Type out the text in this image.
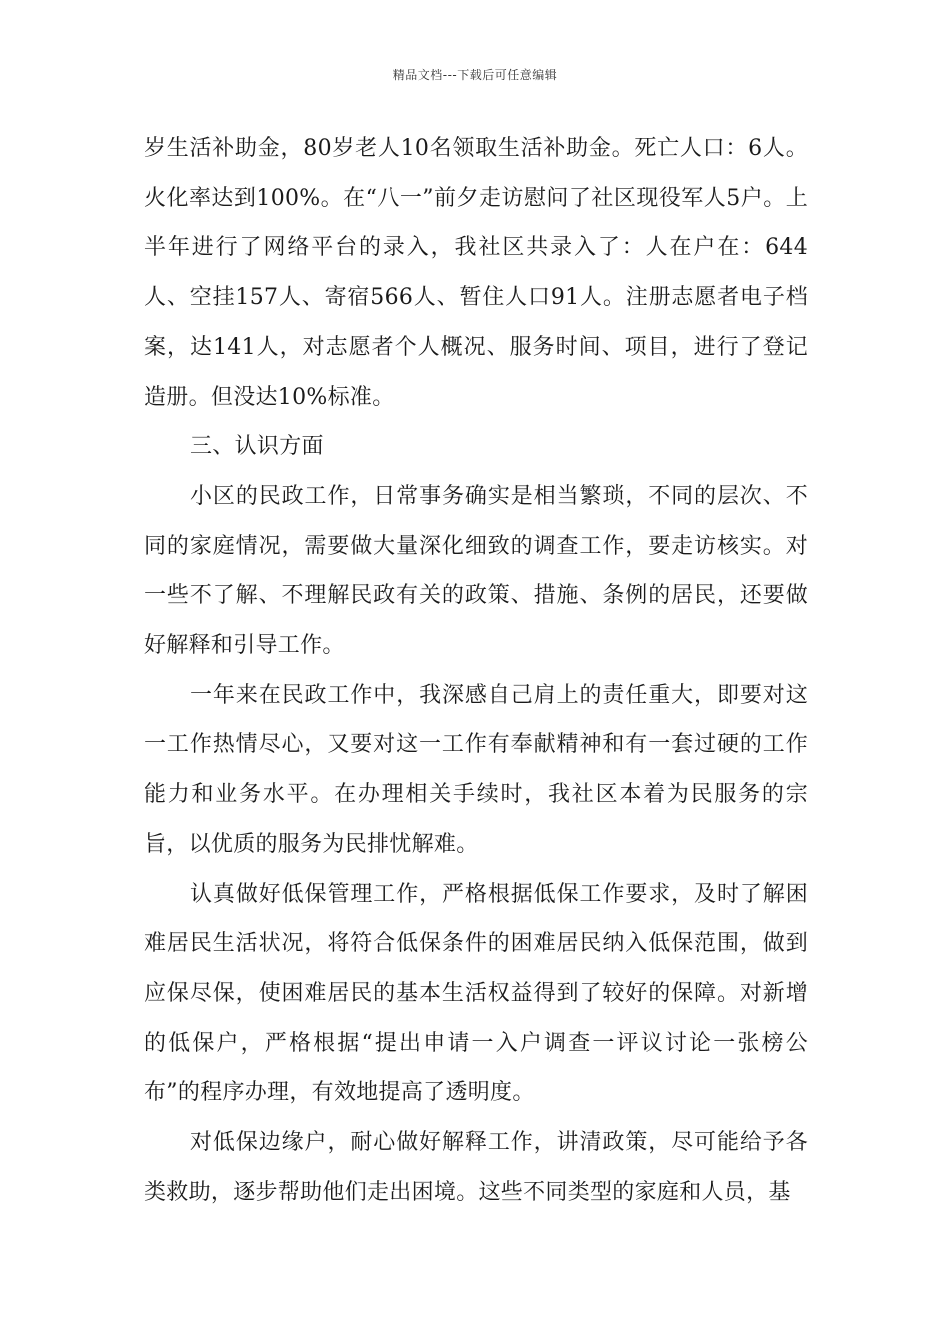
精品文档---下载后可任意编辑

岁生活补助金，80岁老人10名领取生活补助金。死亡人口：6人。火化率达到100%。在“八一”前夕走访慰问了社区现役军人5户。上半年进行了网络平台的录入，我社区共录入了：人在户在：644人、空挂157人、寄宿566人、暂住人口91人。注册志愿者电子档案，达141人，对志愿者个人概况、服务时间、项目，进行了登记造册。但没达10%标准。

三、认识方面

小区的民政工作，日常事务确实是相当繁琐，不同的层次、不同的家庭情况，需要做大量深化细致的调查工作，要走访核实。对一些不了解、不理解民政有关的政策、措施、条例的居民，还要做好解释和引导工作。

一年来在民政工作中，我深感自己肩上的责任重大，即要对这一工作热情尽心，又要对这一工作有奉献精神和有一套过硬的工作能力和业务水平。在办理相关手续时，我社区本着为民服务的宗旨，以优质的服务为民排忧解难。

认真做好低保管理工作，严格根据低保工作要求，及时了解困难居民生活状况，将符合低保条件的困难居民纳入低保范围，做到应保尽保，使困难居民的基本生活权益得到了较好的保障。对新增的低保户，严格根据“提出申请一入户调查一评议讨论一张榜公布”的程序办理，有效地提高了透明度。

对低保边缘户，耐心做好解释工作，讲清政策，尽可能给予各类救助，逐步帮助他们走出困境。这些不同类型的家庭和人员，基
